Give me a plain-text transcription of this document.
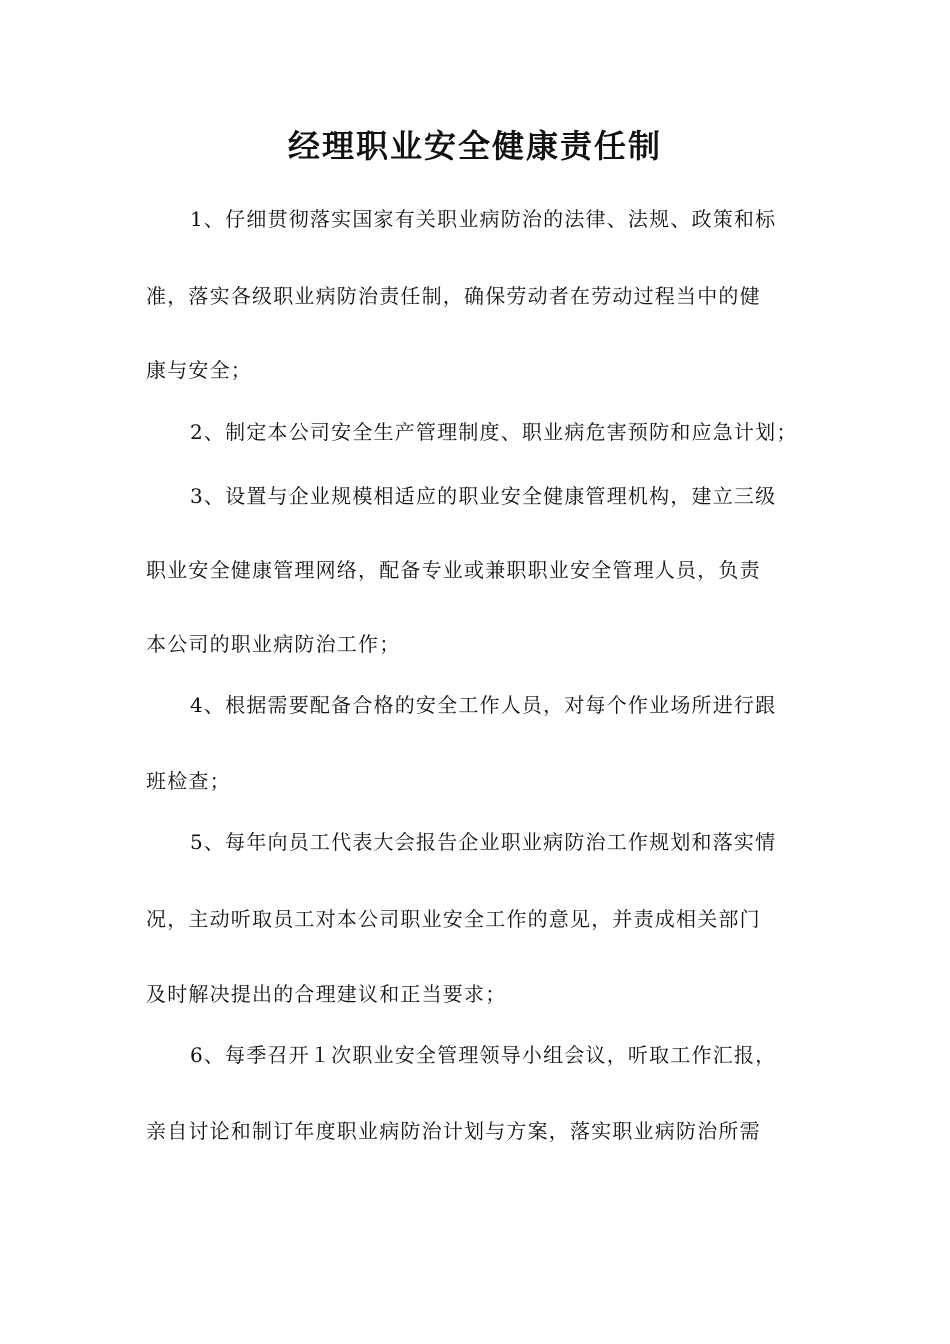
经理职业安全健康责任制
1、仔细贯彻落实国家有关职业病防治的法律、法规、政策和标
准，落实各级职业病防治责任制，确保劳动者在劳动过程当中的健
康与安全；
2、制定本公司安全生产管理制度、职业病危害预防和应急计划；
3、设置与企业规模相适应的职业安全健康管理机构，建立三级
职业安全健康管理网络，配备专业或兼职职业安全管理人员，负责
本公司的职业病防治工作；
4、根据需要配备合格的安全工作人员，对每个作业场所进行跟
班检查；
5、每年向员工代表大会报告企业职业病防治工作规划和落实情
况，主动听取员工对本公司职业安全工作的意见，并责成相关部门
及时解决提出的合理建议和正当要求；
6、每季召开１次职业安全管理领导小组会议，听取工作汇报，
亲自讨论和制订年度职业病防治计划与方案，落实职业病防治所需
